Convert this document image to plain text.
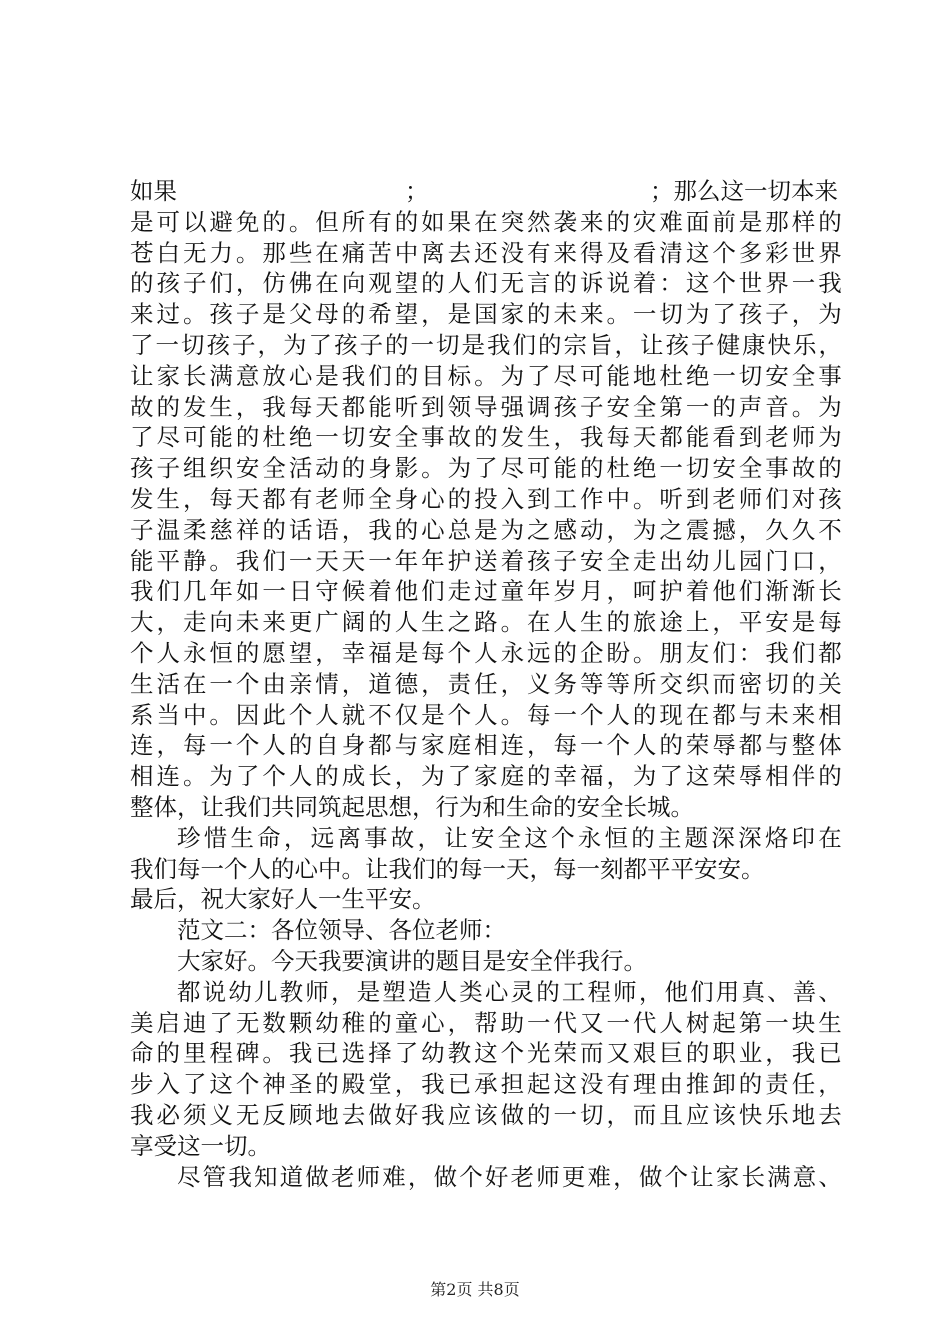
如果	；	；那么这一切本来
是 可 以 避 免 的 。 但 所 有 的 如 果 在 突 然 袭 来 的 灾 难 面 前 是 那 样 的
苍 白 无 力 。 那 些 在 痛 苦 中 离 去 还 没 有 来 得 及 看 清 这 个 多 彩 世 界
的 孩 子 们 ， 仿 佛 在 向 观 望 的 人 们 无 言 的 诉 说 着 ： 这 个 世 界 一 我
来 过 。 孩 子 是 父 母 的 希 望 ， 是 国 家 的 未 来 。 一 切 为 了 孩 子 ， 为
了 一 切 孩 子 ， 为 了 孩 子 的 一 切 是 我 们 的 宗 旨 ， 让 孩 子 健 康 快 乐 ，
让 家 长 满 意 放 心 是 我 们 的 目 标 。 为 了 尽 可 能 地 杜 绝 一 切 安 全 事
故 的 发 生 ， 我 每 天 都 能 听 到 领 导 强 调 孩 子 安 全 第 一 的 声 音 。 为
了 尽 可 能 的 杜 绝 一 切 安 全 事 故 的 发 生 ， 我 每 天 都 能 看 到 老 师 为
孩 子 组 织 安 全 活 动 的 身 影 。 为 了 尽 可 能 的 杜 绝 一 切 安 全 事 故 的
发 生 ， 每 天 都 有 老 师 全 身 心 的 投 入 到 工 作 中 。 听 到 老 师 们 对 孩
子 温 柔 慈 祥 的 话 语 ， 我 的 心 总 是 为 之 感 动 ， 为 之 震 撼 ， 久 久 不
能 平 静 。 我 们 一 天 天 一 年 年 护 送 着 孩 子 安 全 走 出 幼 儿 园 门 口 ，
我 们 几 年 如 一 日 守 候 着 他 们 走 过 童 年 岁 月 ， 呵 护 着 他 们 渐 渐 长
大 ， 走 向 未 来 更 广 阔 的 人 生 之 路 。 在 人 生 的 旅 途 上 ， 平 安 是 每
个 人 永 恒 的 愿 望 ， 幸 福 是 每 个 人 永 远 的 企 盼 。 朋 友 们 ： 我 们 都
生 活 在 一 个 由 亲 情 ， 道 德 ， 责 任 ， 义 务 等 等 所 交 织 而 密 切 的 关
系 当 中 。 因 此 个 人 就 不 仅 是 个 人 。 每 一 个 人 的 现 在 都 与 未 来 相
连 ， 每 一 个 人 的 自 身 都 与 家 庭 相 连 ， 每 一 个 人 的 荣 辱 都 与 整 体
相 连 。 为 了 个 人 的 成 长 ， 为 了 家 庭 的 幸 福 ， 为 了 这 荣 辱 相 伴 的
整体，让我们共同筑起思想，行为和生命的安全长城。
珍 惜 生 命 ， 远 离 事 故 ， 让 安 全 这 个 永 恒 的 主 题 深 深 烙 印 在
我们每一个人的心中。让我们的每一天，每一刻都平平安安。
最后，祝大家好人一生平安。
范文二：各位领导、各位老师：
大家好。今天我要演讲的题目是安全伴我行。
都 说 幼 儿 教 师 ， 是 塑 造 人 类 心 灵 的 工 程 师 ， 他 们 用 真 、 善 、
美 启 迪 了 无 数 颗 幼 稚 的 童 心 ， 帮 助 一 代 又 一 代 人 树 起 第 一 块 生
命 的 里 程 碑 。 我 已 选 择 了 幼 教 这 个 光 荣 而 又 艰 巨 的 职 业 ， 我 已
步 入 了 这 个 神 圣 的 殿 堂 ， 我 已 承 担 起 这 没 有 理 由 推 卸 的 责 任 ，
我 必 须 义 无 反 顾 地 去 做 好 我 应 该 做 的 一 切 ， 而 且 应 该 快 乐 地 去
享受这一切。
尽 管 我 知 道 做 老 师 难 ， 做 个 好 老 师 更 难 ， 做 个 让 家 长 满 意 、
第2页 共8页
